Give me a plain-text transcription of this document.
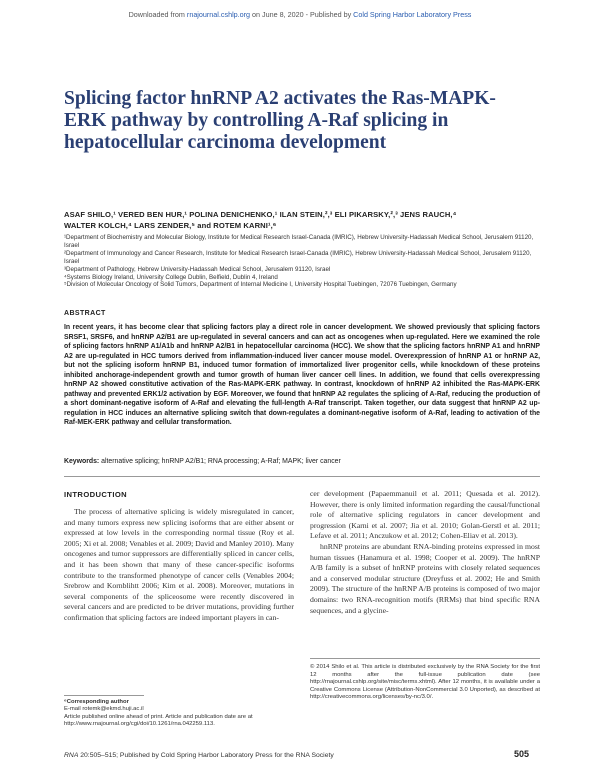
Downloaded from rnajournal.cshlp.org on June 8, 2020 - Published by Cold Spring Harbor Laboratory Press
Splicing factor hnRNP A2 activates the Ras-MAPK-ERK pathway by controlling A-Raf splicing in hepatocellular carcinoma development
ASAF SHILO,¹ VERED BEN HUR,¹ POLINA DENICHENKO,¹ ILAN STEIN,²,³ ELI PIKARSKY,²,³ JENS RAUCH,⁴
WALTER KOLCH,⁴ LARS ZENDER,⁵ and ROTEM KARNI¹,⁶

¹Department of Biochemistry and Molecular Biology, Institute for Medical Research Israel-Canada (IMRIC), Hebrew University-Hadassah Medical School, Jerusalem 91120, Israel

²Department of Immunology and Cancer Research, Institute for Medical Research Israel-Canada (IMRIC), Hebrew University-Hadassah Medical School, Jerusalem 91120, Israel

³Department of Pathology, Hebrew University-Hadassah Medical School, Jerusalem 91120, Israel

⁴Systems Biology Ireland, University College Dublin, Belfield, Dublin 4, Ireland

⁵Division of Molecular Oncology of Solid Tumors, Department of Internal Medicine I, University Hospital Tuebingen, 72076 Tuebingen, Germany

ABSTRACT
In recent years, it has become clear that splicing factors play a direct role in cancer development. We showed previously that splicing factors SRSF1, SRSF6, and hnRNP A2/B1 are up-regulated in several cancers and can act as oncogenes when up-regulated. Here we examined the role of splicing factors hnRNP A1/A1b and hnRNP A2/B1 in hepatocellular carcinoma (HCC). We show that the splicing factors hnRNP A1 and hnRNP A2 are up-regulated in HCC tumors derived from inflammation-induced liver cancer mouse model. Overexpression of hnRNP A1 or hnRNP A2, but not the splicing isoform hnRNP B1, induced tumor formation of immortalized liver progenitor cells, while knockdown of these proteins inhibited anchorage-independent growth and tumor growth of human liver cancer cell lines. In addition, we found that cells overexpressing hnRNP A2 showed constitutive activation of the Ras-MAPK-ERK pathway. In contrast, knockdown of hnRNP A2 inhibited the Ras-MAPK-ERK pathway and prevented ERK1/2 activation by EGF. Moreover, we found that hnRNP A2 regulates the splicing of A-Raf, reducing the production of a short dominant-negative isoform of A-Raf and elevating the full-length A-Raf transcript. Taken together, our data suggest that hnRNP A2 up-regulation in HCC induces an alternative splicing switch that down-regulates a dominant-negative isoform of A-Raf, leading to activation of the Raf-MEK-ERK pathway and cellular transformation.
Keywords: alternative splicing; hnRNP A2/B1; RNA processing; A-Raf; MAPK; liver cancer
INTRODUCTION

The process of alternative splicing is widely misregulated in cancer, and many tumors express new splicing isoforms that are either absent or expressed at low levels in the corresponding normal tissue (Roy et al. 2005; Xi et al. 2008; Venables et al. 2009; David and Manley 2010). Many oncogenes and tumor suppressors are differentially spliced in cancer cells, and it has been shown that many of these cancer-specific isoforms contribute to the transformed phenotype of cancer cells (Venables 2004; Srebrow and Kornblihtt 2006; Kim et al. 2008). Moreover, mutations in several components of the spliceosome were recently discovered in several cancers and are predicted to be driver mutations, providing further confirmation that splicing factors are indeed important players in can-

cer development (Papaemmanuil et al. 2011; Quesada et al. 2012). However, there is only limited information regarding the causal/functional role of alternative splicing regulators in cancer development and progression (Karni et al. 2007; Jia et al. 2010; Golan-Gerstl et al. 2011; Lefave et al. 2011; Anczukow et al. 2012; Cohen-Eliav et al. 2013).

hnRNP proteins are abundant RNA-binding proteins expressed in most human tissues (Hanamura et al. 1998; Cooper et al. 2009). The hnRNP A/B family is a subset of hnRNP proteins with closely related sequences and a conserved modular structure (Dreyfuss et al. 2002; He and Smith 2009). The structure of the hnRNP A/B proteins is composed of two major domains: two RNA-recognition motifs (RRMs) that bind specific RNA sequences, and a glycine-

⁶Corresponding author
E-mail rotemk@ekmd.huji.ac.il
Article published online ahead of print. Article and publication date are at http://www.rnajournal.org/cgi/doi/10.1261/rna.042259.113.
© 2014 Shilo et al. This article is distributed exclusively by the RNA Society for the first 12 months after the full-issue publication date (see http://rnajournal.cshlp.org/site/misc/terms.xhtml). After 12 months, it is available under a Creative Commons License (Attribution-NonCommercial 3.0 Unported), as described at http://creativecommons.org/licenses/by-nc/3.0/.
RNA 20:505–515; Published by Cold Spring Harbor Laboratory Press for the RNA Society	505
